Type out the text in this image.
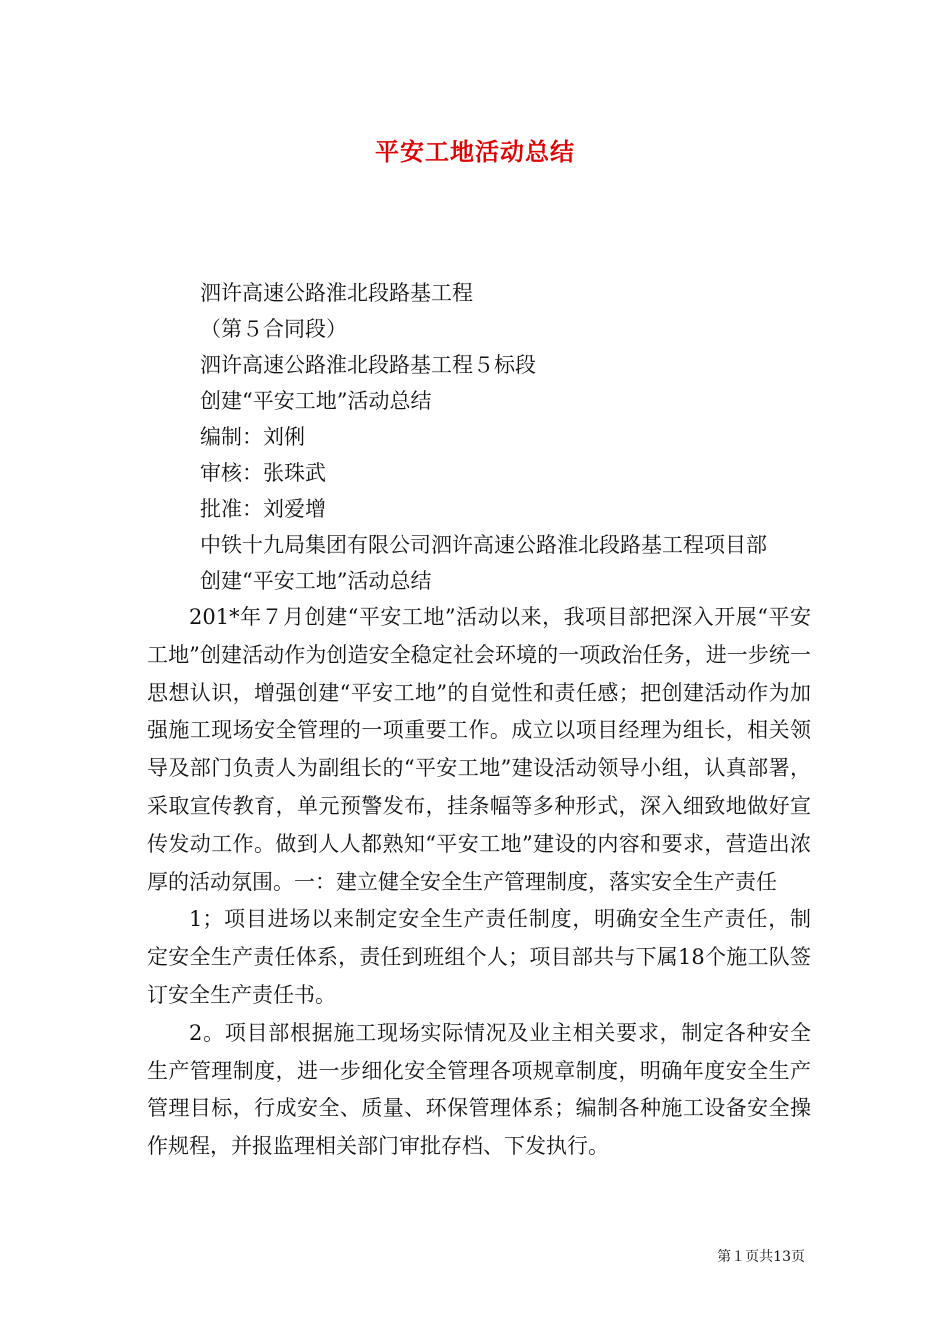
平安工地活动总结
泗许高速公路淮北段路基工程
（第５合同段）
泗许高速公路淮北段路基工程５标段
创建“平安工地”活动总结
编制：刘俐
审核：张珠武
批准：刘爱增
中铁十九局集团有限公司泗许高速公路淮北段路基工程项目部
创建“平安工地”活动总结

201*年７月创建“平安工地”活动以来，我项目部把深入开展“平安工地”创建活动作为创造安全稳定社会环境的一项政治任务，进一步统一思想认识，增强创建“平安工地”的自觉性和责任感；把创建活动作为加强施工现场安全管理的一项重要工作。成立以项目经理为组长，相关领导及部门负责人为副组长的“平安工地”建设活动领导小组，认真部署，采取宣传教育，单元预警发布，挂条幅等多种形式，深入细致地做好宣传发动工作。做到人人都熟知“平安工地”建设的内容和要求，营造出浓厚的活动氛围。一：建立健全安全生产管理制度，落实安全生产责任

1；项目进场以来制定安全生产责任制度，明确安全生产责任，制定安全生产责任体系，责任到班组个人；项目部共与下属18个施工队签订安全生产责任书。

2。项目部根据施工现场实际情况及业主相关要求，制定各种安全生产管理制度，进一步细化安全管理各项规章制度，明确年度安全生产管理目标，行成安全、质量、环保管理体系；编制各种施工设备安全操作规程，并报监理相关部门审批存档、下发执行。

第１页共13页
